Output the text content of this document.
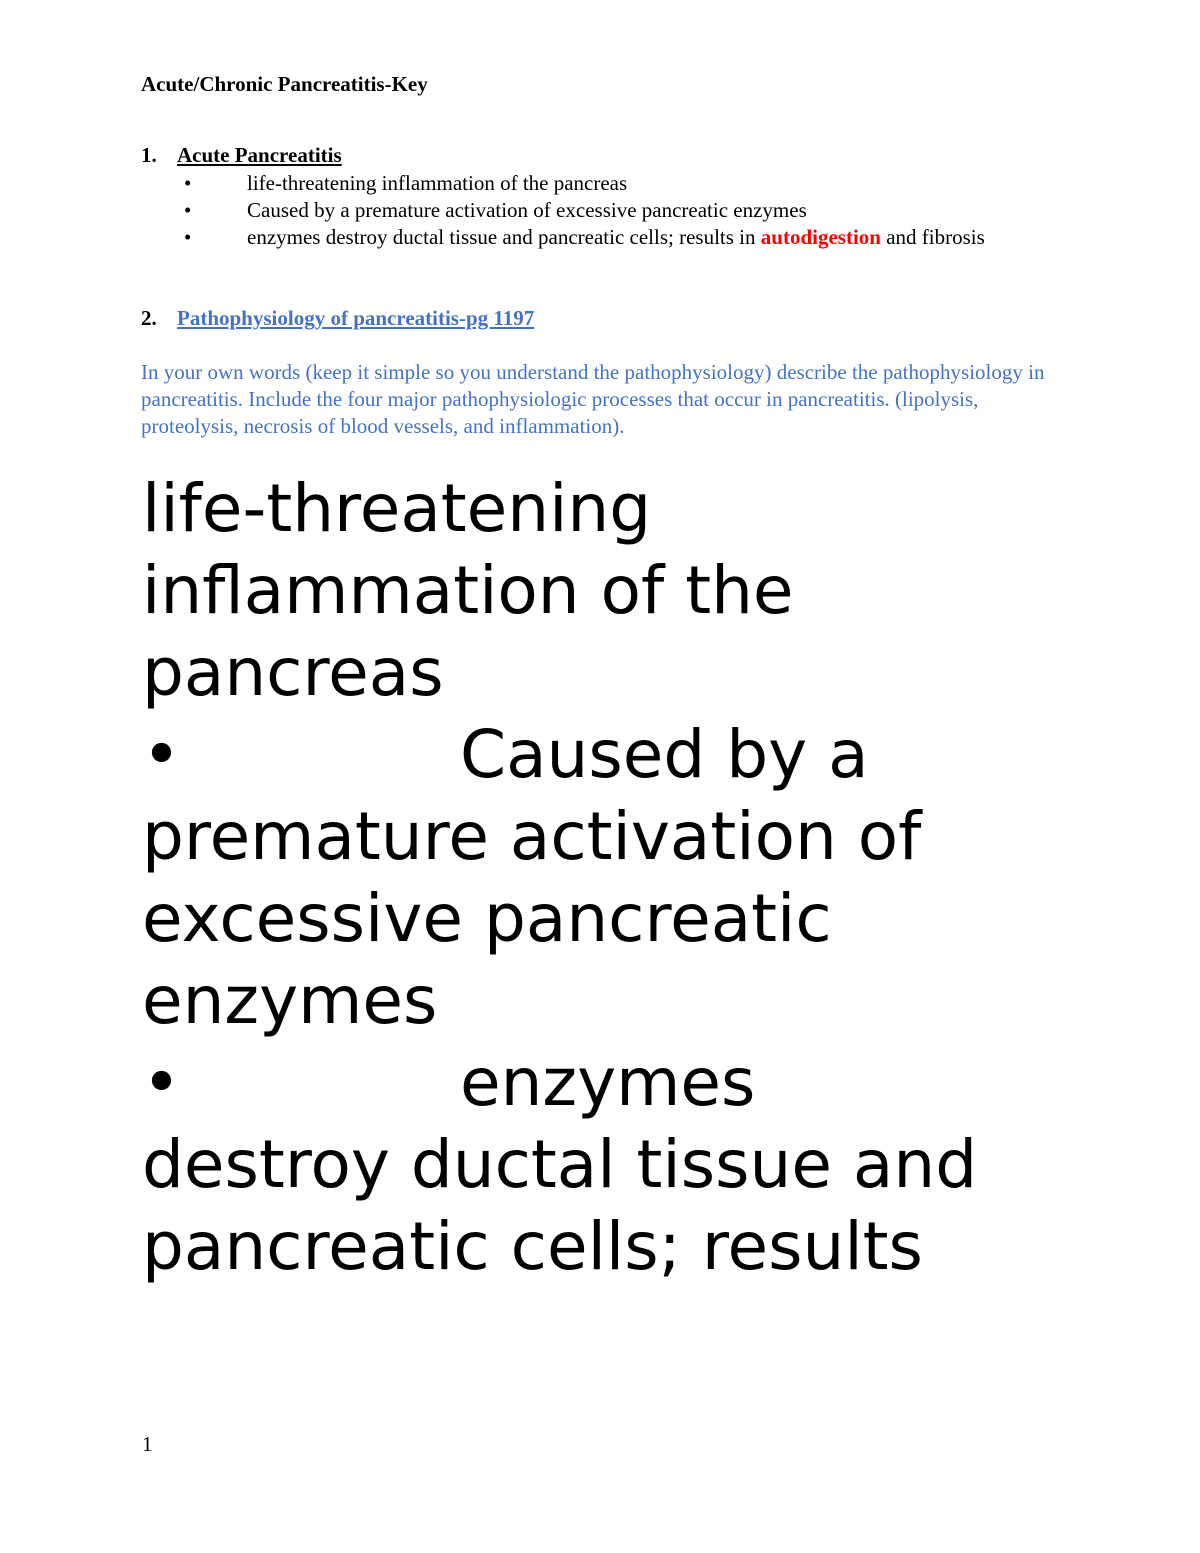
Acute/Chronic Pancreatitis-Key
1. Acute Pancreatitis
•	life-threatening inflammation of the pancreas
•	Caused by a premature activation of excessive pancreatic enzymes
•	enzymes destroy ductal tissue and pancreatic cells; results in autodigestion and fibrosis
2. Pathophysiology of pancreatitis-pg 1197
In your own words (keep it simple so you understand the pathophysiology) describe the pathophysiology in pancreatitis. Include the four major pathophysiologic processes that occur in pancreatitis. (lipolysis, proteolysis, necrosis of blood vessels, and inflammation).
life-threatening
inflammation of the
pancreas
•	Caused by a
premature activation of
excessive pancreatic
enzymes
•	enzymes
destroy ductal tissue and
pancreatic cells; results
1
